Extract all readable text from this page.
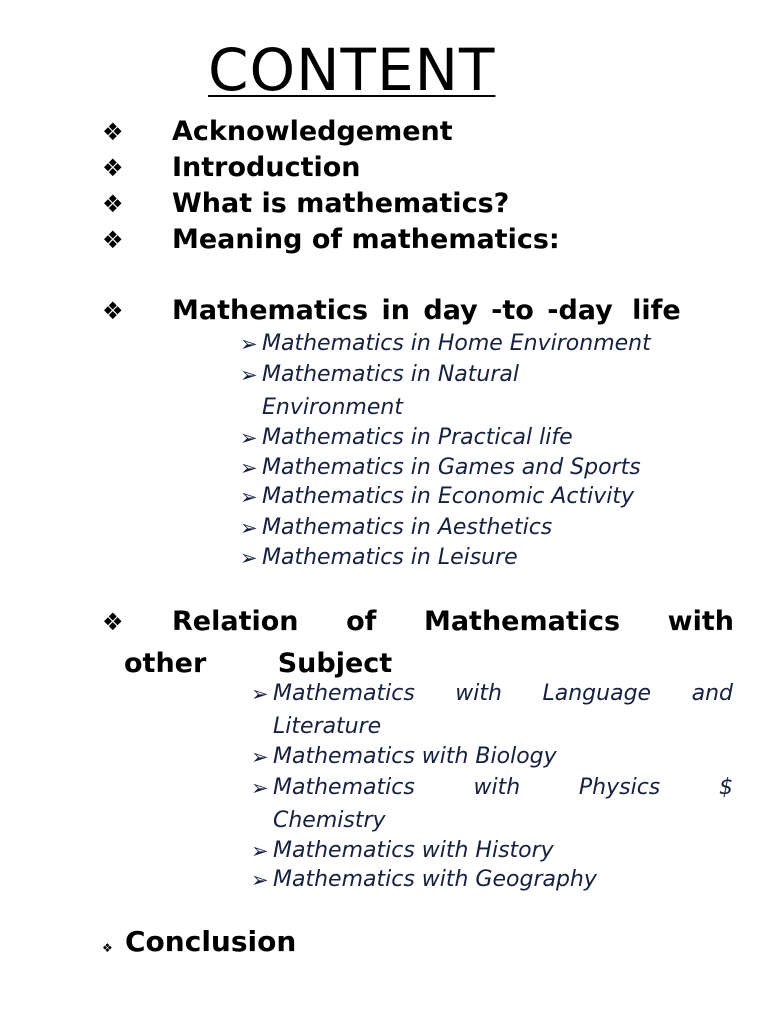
CONTENT
❖ Acknowledgement
❖ Introduction
❖ What is mathematics?
❖ Meaning of mathematics:
❖ Mathematics in day -to -day life
➢ Mathematics in Home Environment
➢ Mathematics in Natural
Environment
➢ Mathematics in Practical life
➢ Mathematics in Games and Sports
➢ Mathematics in Economic Activity
➢ Mathematics in Aesthetics
➢ Mathematics in Leisure
❖ Relation of Mathematics with
other	Subject
➢ Mathematics with Language and
Literature
➢ Mathematics with Biology
➢ Mathematics	with	Physics	$
Chemistry
➢ Mathematics with History
➢ Mathematics with Geography
❖ Conclusion
